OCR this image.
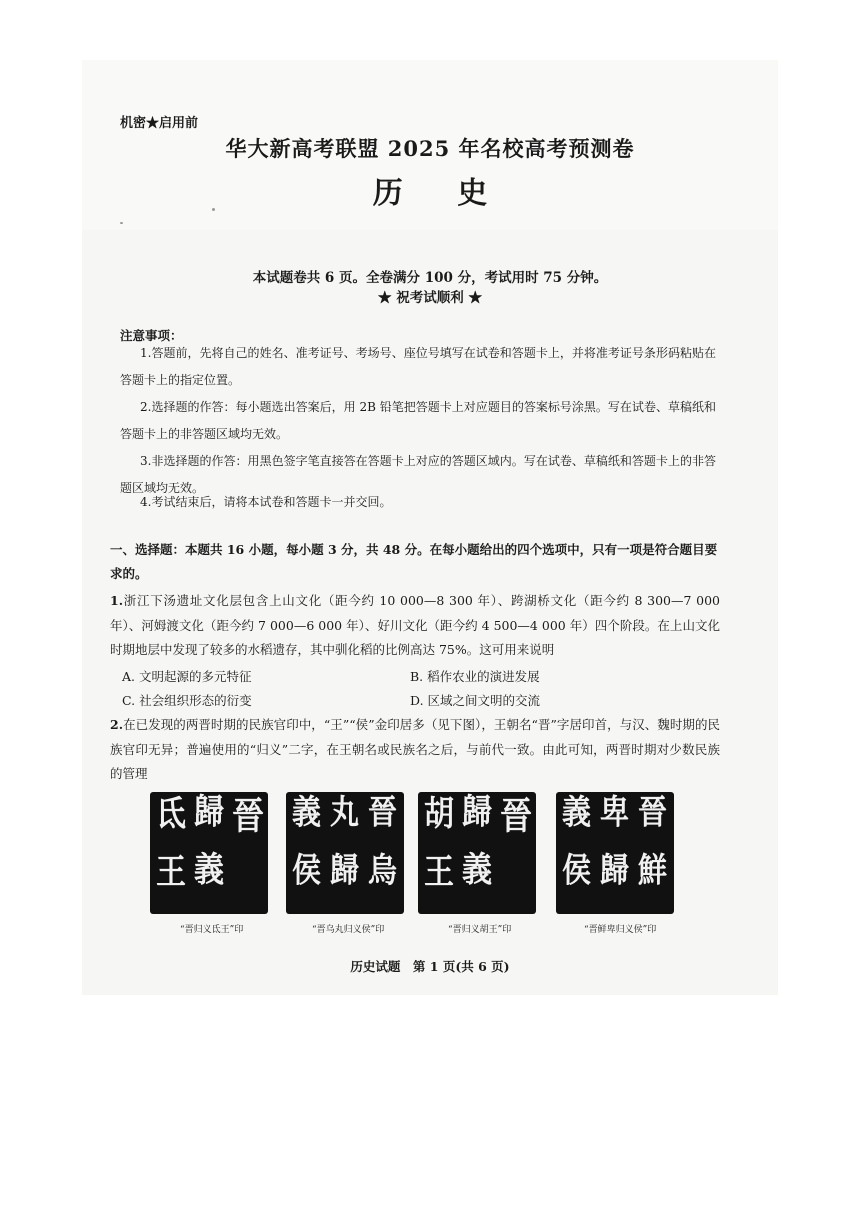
机密★启用前
华大新高考联盟 2025 年名校高考预测卷
历 史
本试题卷共 6 页。全卷满分 100 分，考试用时 75 分钟。
★ 祝考试顺利 ★
注意事项：
1.答题前，先将自己的姓名、准考证号、考场号、座位号填写在试卷和答题卡上，并将准考证号条形码粘贴在答题卡上的指定位置。
2.选择题的作答：每小题选出答案后，用 2B 铅笔把答题卡上对应题目的答案标号涂黑。写在试卷、草稿纸和答题卡上的非答题区域均无效。
3.非选择题的作答：用黑色签字笔直接答在答题卡上对应的答题区域内。写在试卷、草稿纸和答题卡上的非答题区域均无效。
4.考试结束后，请将本试卷和答题卡一并交回。
一、选择题：本题共 16 小题，每小题 3 分，共 48 分。在每小题给出的四个选项中，只有一项是符合题目要求的。
1.浙江下汤遗址文化层包含上山文化（距今约 10 000—8 300 年）、跨湖桥文化（距今约 8 300—7 000 年）、河姆渡文化（距今约 7 000—6 000 年）、好川文化（距今约 4 500—4 000 年）四个阶段。在上山文化时期地层中发现了较多的水稻遗存，其中驯化稻的比例高达 75%。这可用来说明
A. 文明起源的多元特征	B. 稻作农业的演进发展
C. 社会组织形态的衍变	D. 区域之间文明的交流
2.在已发现的两晋时期的民族官印中，“王”“侯”金印居多（见下图），王朝名“晋”字居印首，与汉、魏时期的民族官印无异；普遍使用的“归义”二字，在王朝名或民族名之后，与前代一致。由此可知，两晋时期对少数民族的管理
晉
歸
氐
義
王
“晋归义氐王”印
晉
烏
丸
歸
義
侯
“晋乌丸归义侯”印
晉
歸
胡
義
王
“晋归义胡王”印
晉
鮮
卑
歸
義
侯
“晋鲜卑归义侯”印
历史试题　第 1 页(共 6 页)
